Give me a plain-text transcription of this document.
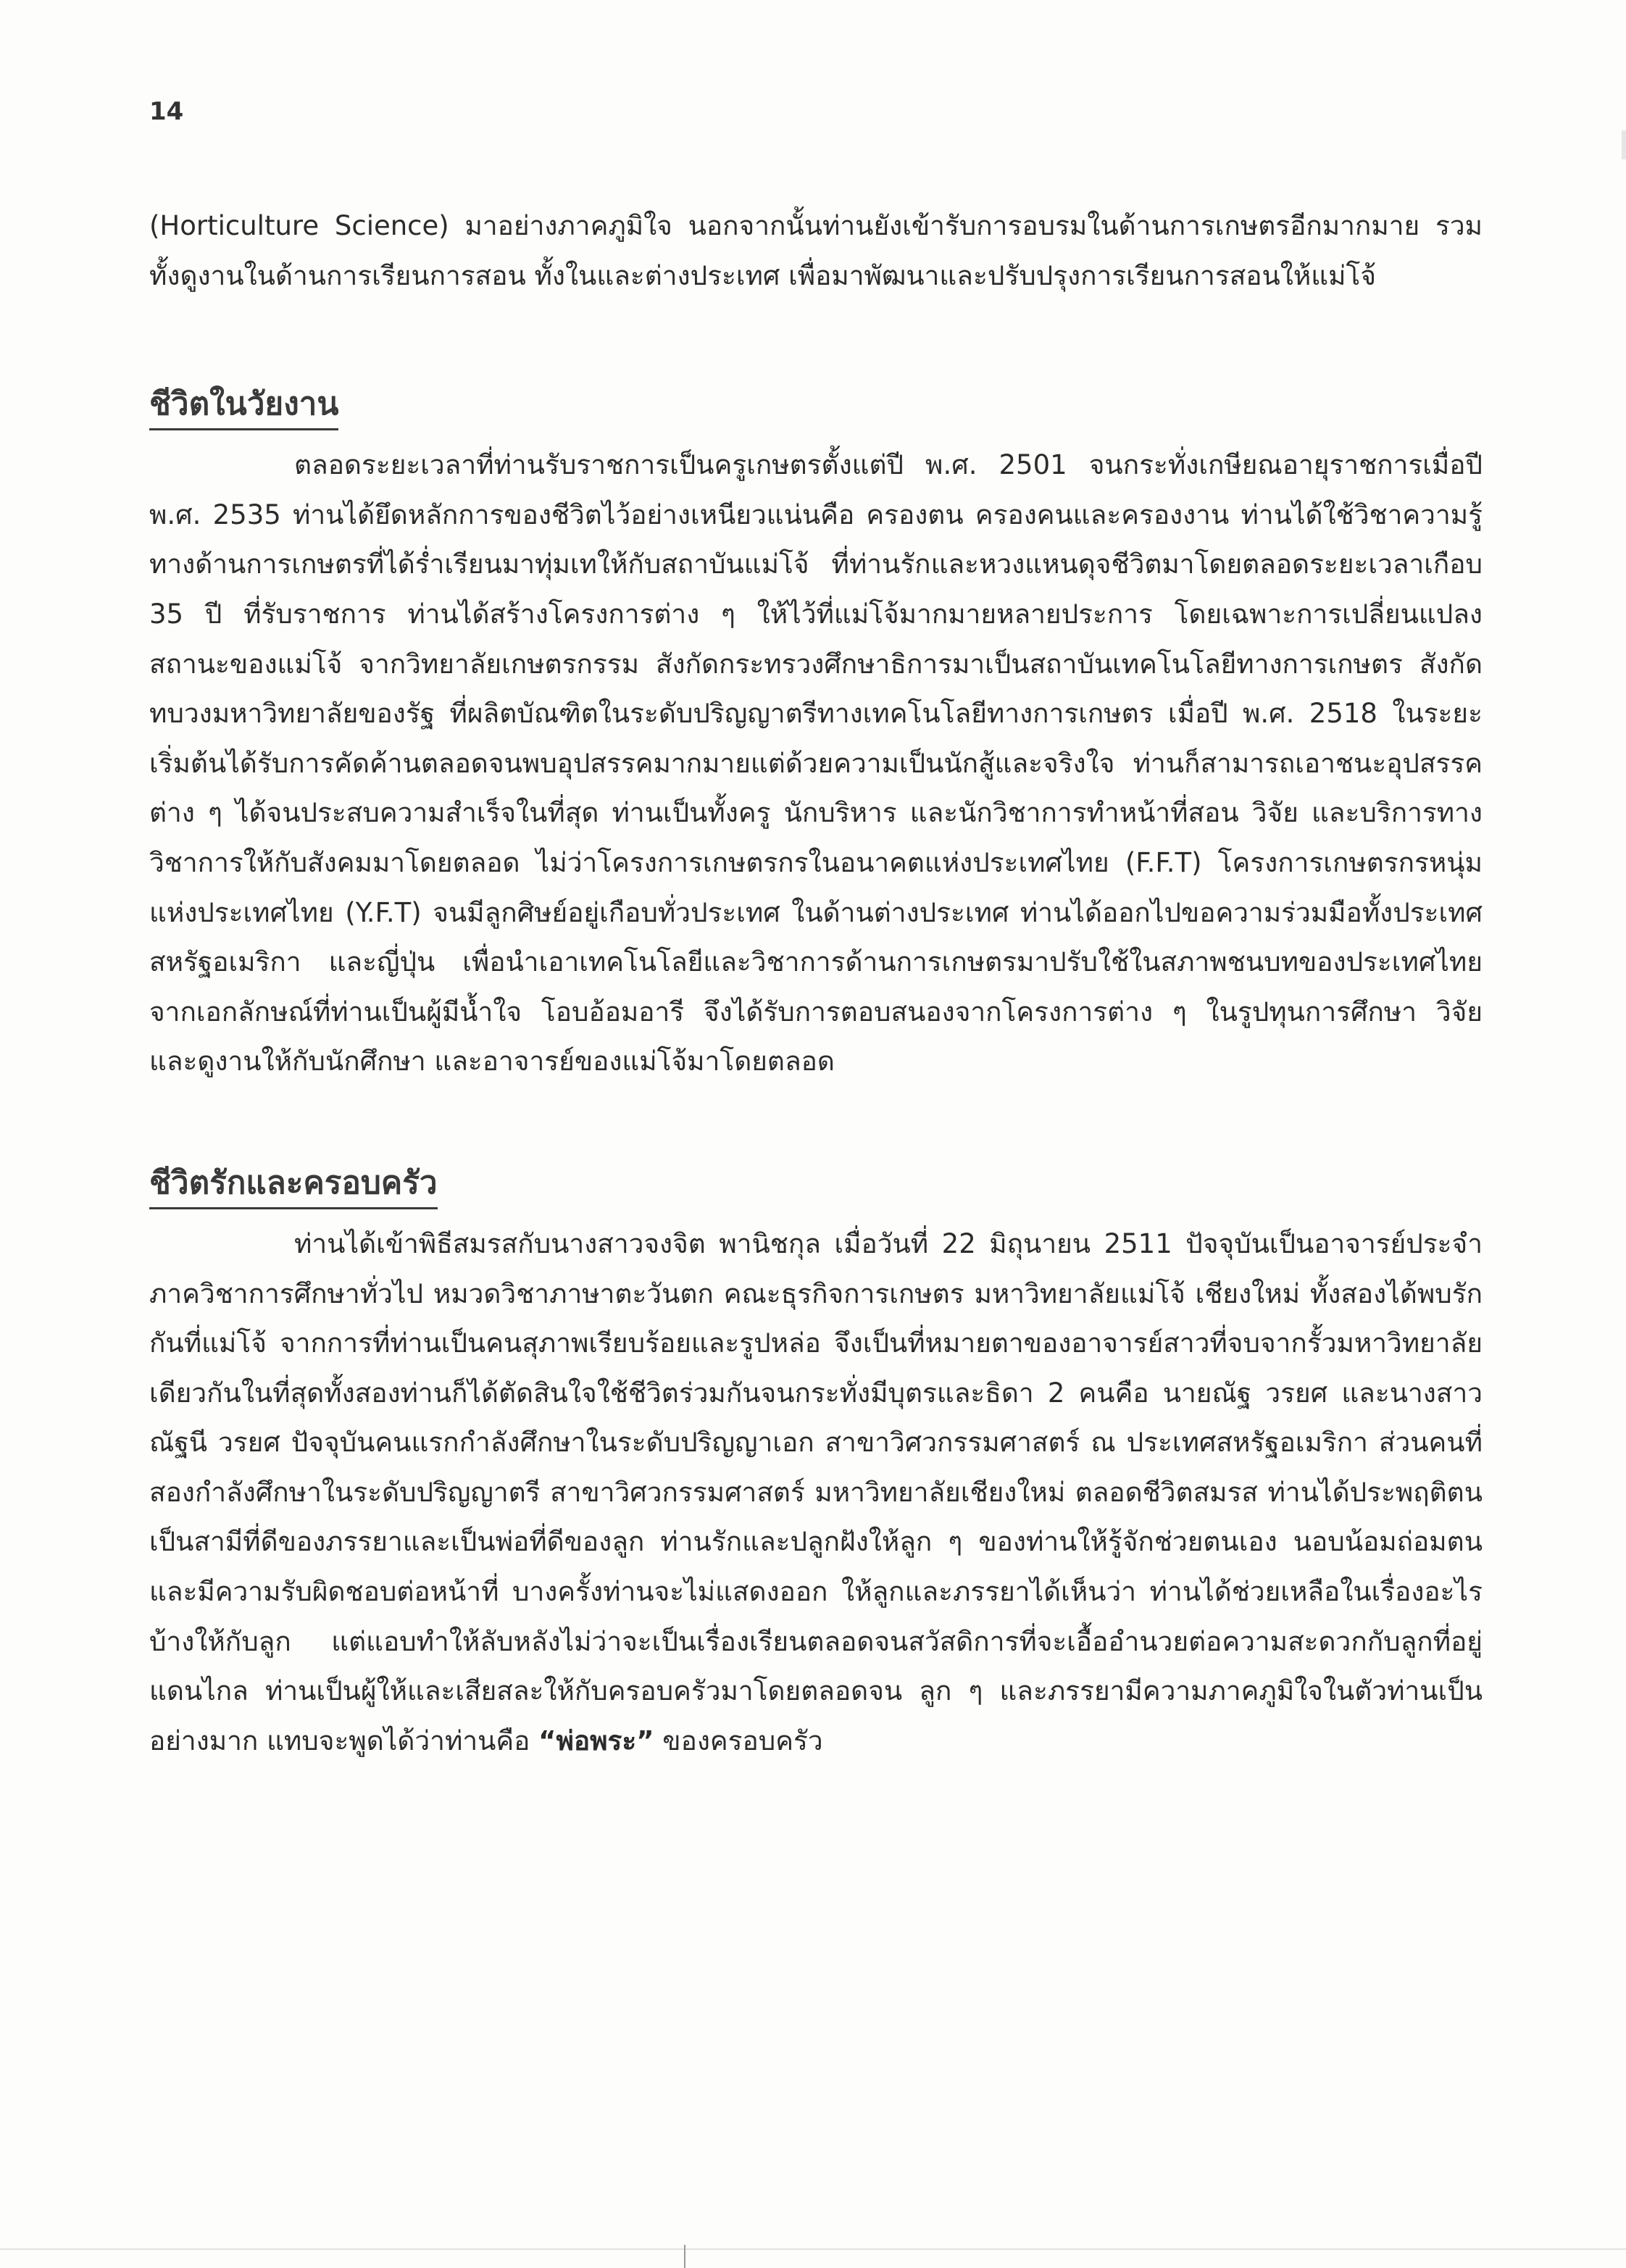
14

(Horticulture Science) มาอย่างภาคภูมิใจ นอกจากนั้นท่านยังเข้ารับการอบรมในด้านการเกษตรอีกมากมาย รวมทั้งดูงานในด้านการเรียนการสอน ทั้งในและต่างประเทศ เพื่อมาพัฒนาและปรับปรุงการเรียนการสอนให้แม่โจ้

ชีวิตในวัยงาน

ตลอดระยะเวลาที่ท่านรับราชการเป็นครูเกษตรตั้งแต่ปี พ.ศ. 2501 จนกระทั่งเกษียณอายุราชการเมื่อปี พ.ศ. 2535 ท่านได้ยึดหลักการของชีวิตไว้อย่างเหนียวแน่นคือ ครองตน ครองคนและครองงาน ท่านได้ใช้วิชาความรู้ทางด้านการเกษตรที่ได้ร่ำเรียนมาทุ่มเทให้กับสถาบันแม่โจ้ ที่ท่านรักและหวงแหนดุจชีวิตมาโดยตลอดระยะเวลาเกือบ 35 ปี ที่รับราชการ ท่านได้สร้างโครงการต่าง ๆ ให้ไว้ที่แม่โจ้มากมายหลายประการ โดยเฉพาะการเปลี่ยนแปลงสถานะของแม่โจ้ จากวิทยาลัยเกษตรกรรม สังกัดกระทรวงศึกษาธิการมาเป็นสถาบันเทคโนโลยีทางการเกษตร สังกัดทบวงมหาวิทยาลัยของรัฐ ที่ผลิตบัณฑิตในระดับปริญญาตรีทางเทคโนโลยีทางการเกษตร เมื่อปี พ.ศ. 2518 ในระยะเริ่มต้นได้รับการคัดค้านตลอดจนพบอุปสรรคมากมายแต่ด้วยความเป็นนักสู้และจริงใจ ท่านก็สามารถเอาชนะอุปสรรคต่าง ๆ ได้จนประสบความสำเร็จในที่สุด ท่านเป็นทั้งครู นักบริหาร และนักวิชาการทำหน้าที่สอน วิจัย และบริการทางวิชาการให้กับสังคมมาโดยตลอด ไม่ว่าโครงการเกษตรกรในอนาคตแห่งประเทศไทย (F.F.T) โครงการเกษตรกรหนุ่มแห่งประเทศไทย (Y.F.T) จนมีลูกศิษย์อยู่เกือบทั่วประเทศ ในด้านต่างประเทศ ท่านได้ออกไปขอความร่วมมือทั้งประเทศสหรัฐอเมริกา และญี่ปุ่น เพื่อนำเอาเทคโนโลยีและวิชาการด้านการเกษตรมาปรับใช้ในสภาพชนบทของประเทศไทย จากเอกลักษณ์ที่ท่านเป็นผู้มีน้ำใจ โอบอ้อมอารี จึงได้รับการตอบสนองจากโครงการต่าง ๆ ในรูปทุนการศึกษา วิจัย และดูงานให้กับนักศึกษา และอาจารย์ของแม่โจ้มาโดยตลอด

ชีวิตรักและครอบครัว

ท่านได้เข้าพิธีสมรสกับนางสาวจงจิต พานิชกุล เมื่อวันที่ 22 มิถุนายน 2511 ปัจจุบันเป็นอาจารย์ประจำภาควิชาการศึกษาทั่วไป หมวดวิชาภาษาตะวันตก คณะธุรกิจการเกษตร มหาวิทยาลัยแม่โจ้ เชียงใหม่ ทั้งสองได้พบรักกันที่แม่โจ้ จากการที่ท่านเป็นคนสุภาพเรียบร้อยและรูปหล่อ จึงเป็นที่หมายตาของอาจารย์สาวที่จบจากรั้วมหาวิทยาลัยเดียวกันในที่สุดทั้งสองท่านก็ได้ตัดสินใจใช้ชีวิตร่วมกันจนกระทั่งมีบุตรและธิดา 2 คนคือ นายณัฐ วรยศ และนางสาวณัฐนี วรยศ ปัจจุบันคนแรกกำลังศึกษาในระดับปริญญาเอก สาขาวิศวกรรมศาสตร์ ณ ประเทศสหรัฐอเมริกา ส่วนคนที่สองกำลังศึกษาในระดับปริญญาตรี สาขาวิศวกรรมศาสตร์ มหาวิทยาลัยเชียงใหม่ ตลอดชีวิตสมรส ท่านได้ประพฤติตนเป็นสามีที่ดีของภรรยาและเป็นพ่อที่ดีของลูก ท่านรักและปลูกฝังให้ลูก ๆ ของท่านให้รู้จักช่วยตนเอง นอบน้อมถ่อมตนและมีความรับผิดชอบต่อหน้าที่ บางครั้งท่านจะไม่แสดงออก ให้ลูกและภรรยาได้เห็นว่า ท่านได้ช่วยเหลือในเรื่องอะไรบ้างให้กับลูก แต่แอบทำให้ลับหลังไม่ว่าจะเป็นเรื่องเรียนตลอดจนสวัสดิการที่จะเอื้ออำนวยต่อความสะดวกกับลูกที่อยู่แดนไกล ท่านเป็นผู้ให้และเสียสละให้กับครอบครัวมาโดยตลอดจน ลูก ๆ และภรรยามีความภาคภูมิใจในตัวท่านเป็นอย่างมาก แทบจะพูดได้ว่าท่านคือ “พ่อพระ” ของครอบครัว
